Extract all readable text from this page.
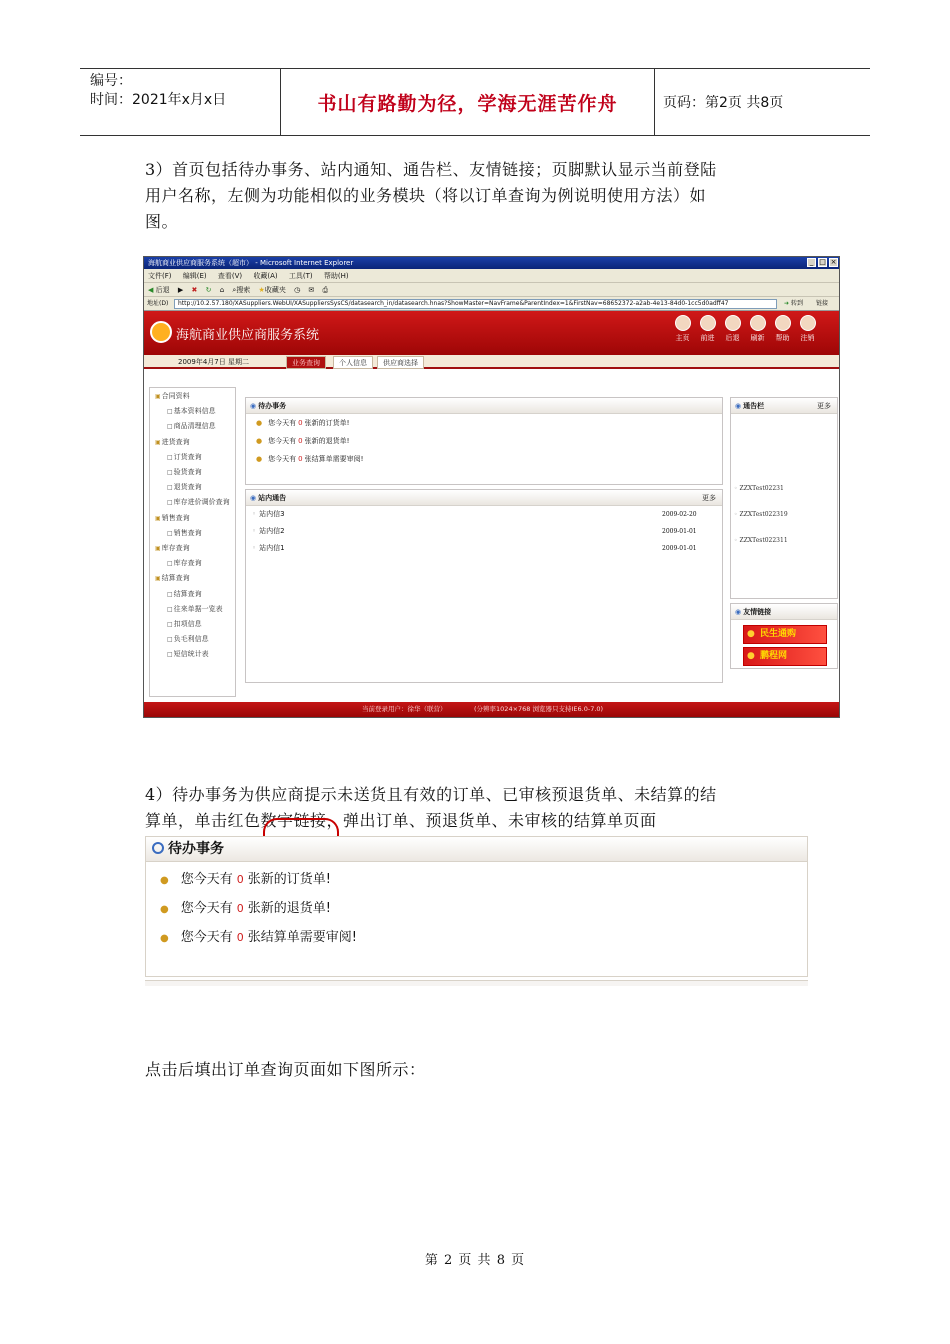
编号：
时间：2021年x月x日	书山有路勤为径，学海无涯苦作舟	页码：第2页 共8页
3）首页包括待办事务、站内通知、通告栏、友情链接；页脚默认显示当前登陆
用户名称，左侧为功能相似的业务模块（将以订单查询为例说明使用方法）如
图。
海航商业供应商服务系统（超市） - Microsoft Internet Explorer	_ □ ×
文件(F) 编辑(E) 查看(V) 收藏(A) 工具(T) 帮助(H)
◀ 后退 ▶ ✖ ↻ ⌂ ⌕搜索 ★收藏夹 ◷ ✉ ⎙
地址(D)	http://10.2.57.180/XASuppliers.WebUI/XASuppliersSysCS/datasearch_in/datasearch.hnas?ShowMaster=NavFrame&ParentIndex=1&FirstNav=68652372-a2ab-4e13-84d0-1cc5d0adff47	➜ 转到 链接
海航商业供应商服务系统	主页	前进	后退	刷新	帮助	注销
2009年4月7日 星期二	业务查询	个人信息	供应商选择
▣ 合同资料
□ 基本资料信息
□ 商品清理信息
▣ 进货查询
□ 订货查询
□ 验货查询
□ 退货查询
□ 库存进价调价查询
▣ 销售查询
□ 销售查询
▣ 库存查询
□ 库存查询
▣ 结算查询
□ 结算查询
□ 往来单据一览表
□ 扣项信息
□ 负毛利信息
□ 短信统计表
◉ 待办事务
● 您今天有 0 张新的订货单!
● 您今天有 0 张新的退货单!
● 您今天有 0 张结算单需要审阅!
◉ 站内通告	更多
◦ 站内信3	2009-02-20
◦ 站内信2	2009-01-01
◦ 站内信1	2009-01-01
◉ 通告栏	更多
◦ ZZXTest02231
◦ ZZXTest022319
◦ ZZXTest022311
◉ 友情链接
● 民生通购
● 鹏程网
当前登录用户：徐华（联营）	(分辨率1024×768 浏览器只支持IE6.0-7.0)
4）待办事务为供应商提示未送货且有效的订单、已审核预退货单、未结算的结
算单，单击红色数字链接，弹出订单、预退货单、未审核的结算单页面
待办事务
● 您今天有 0 张新的订货单!
● 您今天有 0 张新的退货单!
● 您今天有 0 张结算单需要审阅!
点击后填出订单查询页面如下图所示：
第 2 页 共 8 页
